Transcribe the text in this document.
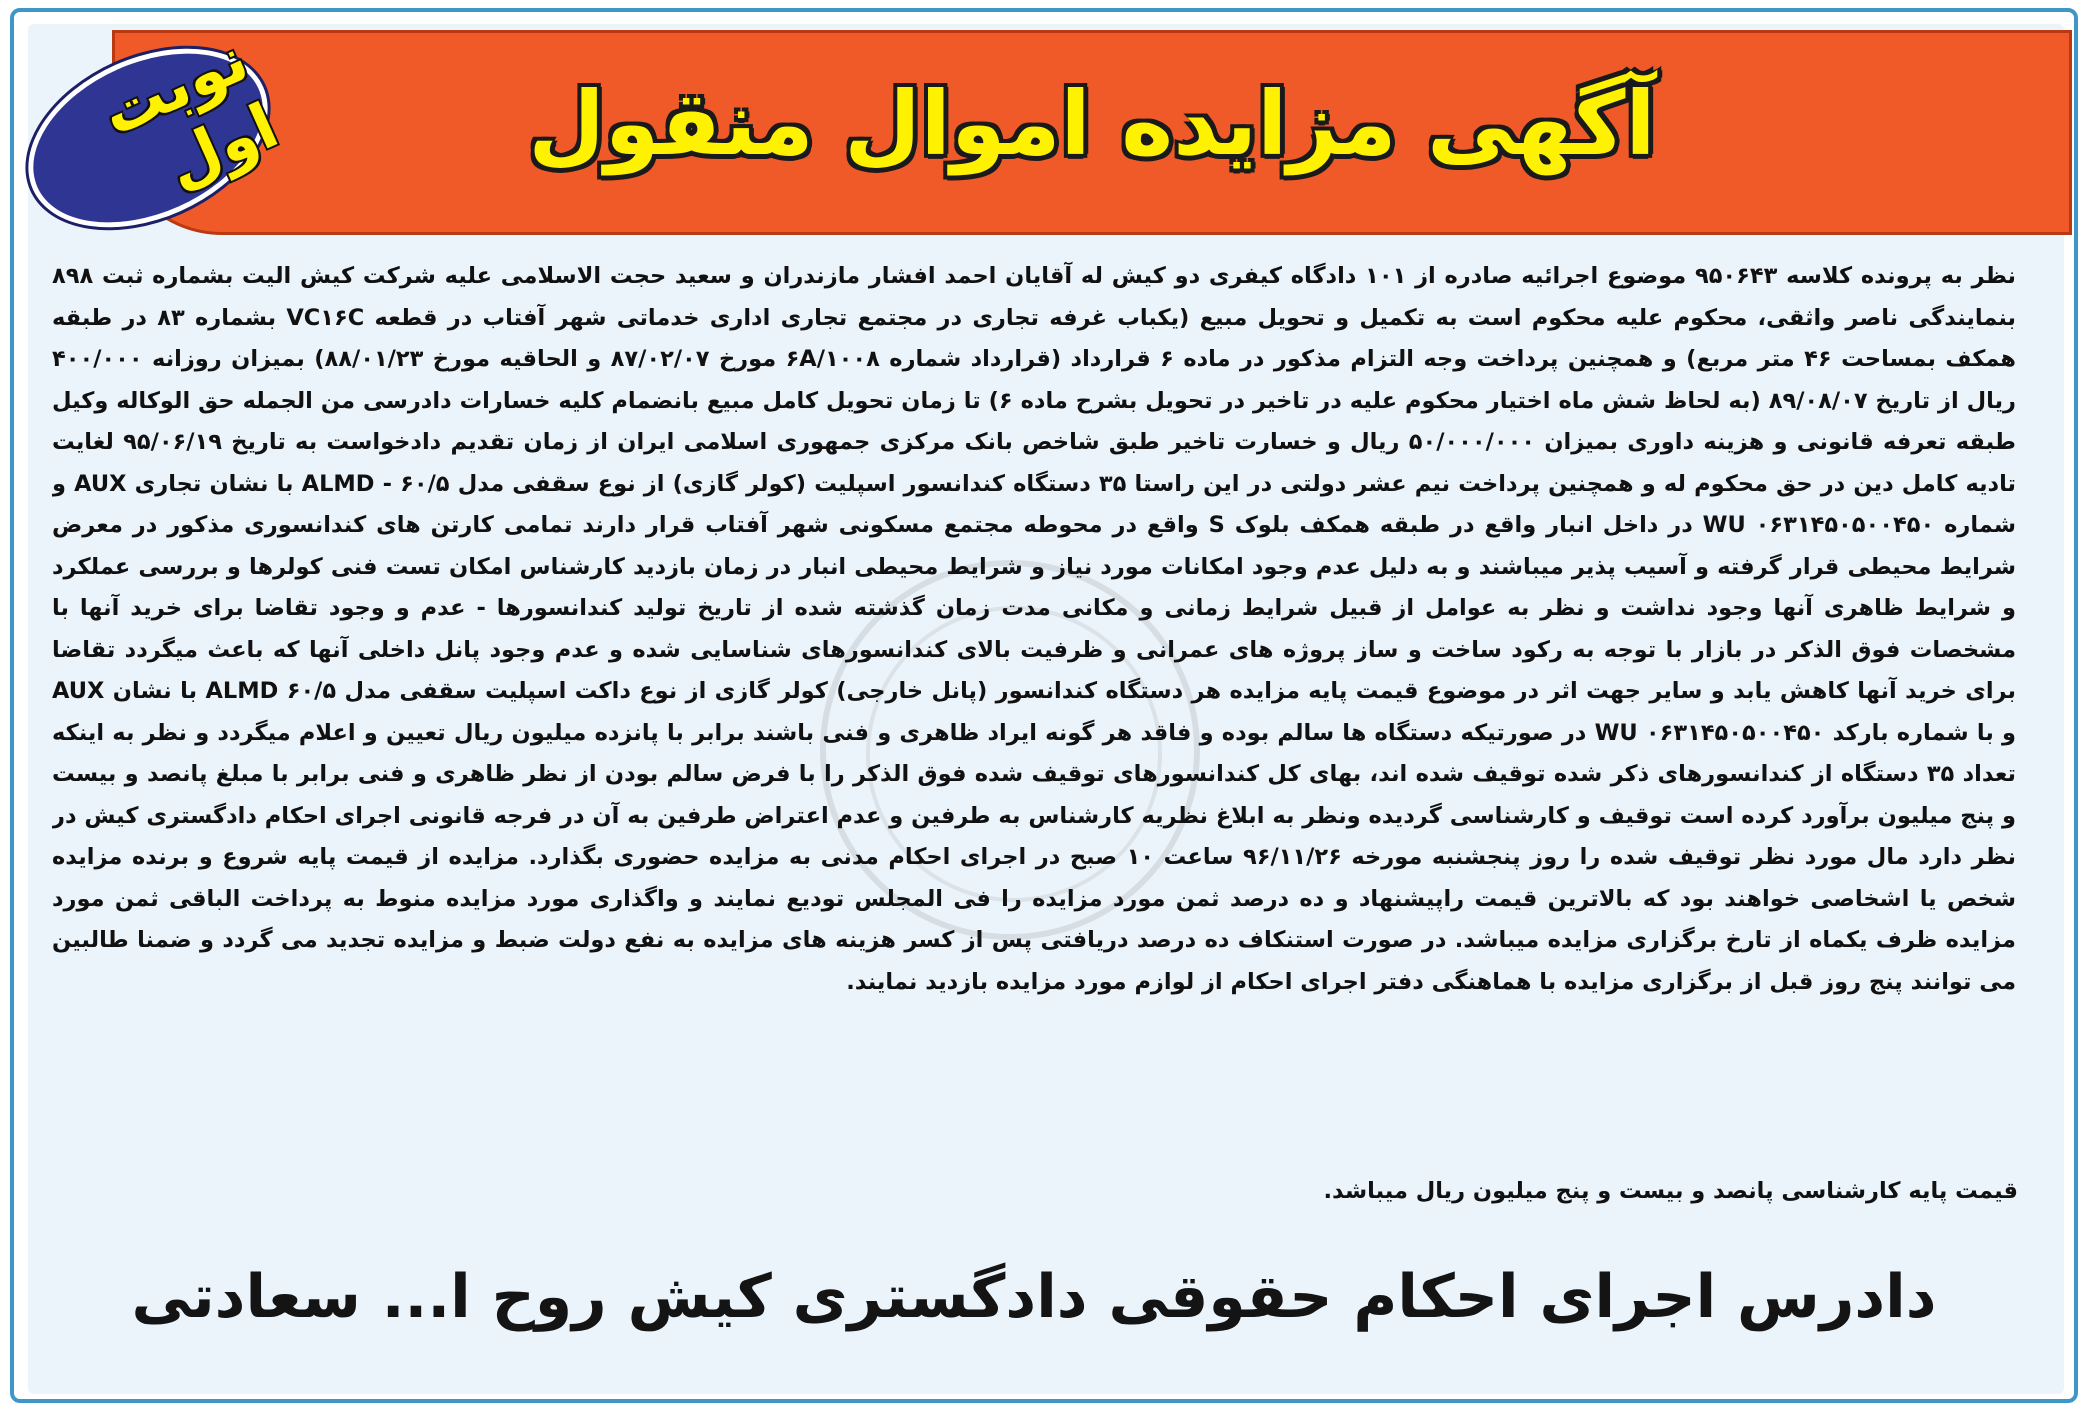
آگهی مزایده اموال منقول
نوبت اول
نظر به پرونده کلاسه ۹۵۰۶۴۳ موضوع اجرائیه صادره از ۱۰۱ دادگاه کیفری دو کیش له آقایان احمد افشار مازندران و سعید حجت الاسلامی علیه شرکت کیش الیت بشماره ثبت ۸۹۸ بنمایندگی ناصر واثقی، محکوم علیه محکوم است به تکمیل و تحویل مبیع (یکباب غرفه تجاری در مجتمع تجاری اداری خدماتی شهر آفتاب در قطعه VC۱۶C بشماره ۸۳ در طبقه همکف بمساحت ۴۶ متر مربع) و همچنین پرداخت وجه التزام مذکور در ماده ۶ قرارداد (قرارداد شماره ۶A/۱۰۰۸ مورخ ۸۷/۰۲/۰۷ و الحاقیه مورخ ۸۸/۰۱/۲۳) بمیزان روزانه ۴۰۰/۰۰۰ ریال از تاریخ ۸۹/۰۸/۰۷ (به لحاظ شش ماه اختیار محکوم علیه در تاخیر در تحویل بشرح ماده ۶) تا زمان تحویل کامل مبیع بانضمام کلیه خسارات دادرسی من الجمله حق الوکاله وکیل طبقه تعرفه قانونی و هزینه داوری بمیزان ۵۰/۰۰۰/۰۰۰ ریال و خسارت تاخیر طبق شاخص بانک مرکزی جمهوری اسلامی ایران از زمان تقدیم دادخواست به تاریخ ۹۵/۰۶/۱۹ لغایت تادیه کامل دین در حق محکوم له و همچنین پرداخت نیم عشر دولتی در این راستا ۳۵ دستگاه کندانسور اسپلیت (کولر گازی) از نوع سقفی مدل ۶۰/۵ - ALMD با نشان تجاری AUX و شماره ۰۶۳۱۴۵۰۵۰۰۴۵۰ WU در داخل انبار واقع در طبقه همکف بلوک S واقع در محوطه مجتمع مسکونی شهر آفتاب قرار دارند تمامی کارتن های کندانسوری مذکور در معرض شرایط محیطی قرار گرفته و آسیب پذیر میباشند و به دلیل عدم وجود امکانات مورد نیاز و شرایط محیطی انبار در زمان بازدید کارشناس امکان تست فنی کولرها و بررسی عملکرد و شرایط ظاهری آنها وجود نداشت و نظر به عوامل از قبیل شرایط زمانی و مکانی مدت زمان گذشته شده از تاریخ تولید کندانسورها - عدم و وجود تقاضا برای خرید آنها با مشخصات فوق الذکر در بازار با توجه به رکود ساخت و ساز پروژه های عمرانی و ظرفیت بالای کندانسورهای شناسایی شده و عدم وجود پانل داخلی آنها که باعث میگردد تقاضا برای خرید آنها کاهش یابد و سایر جهت اثر در موضوع قیمت پایه مزایده هر دستگاه کندانسور (پانل خارجی) کولر گازی از نوع داکت اسپلیت سقفی مدل ۶۰/۵ ALMD با نشان AUX و با شماره بارکد ۰۶۳۱۴۵۰۵۰۰۴۵۰ WU در صورتیکه دستگاه ها سالم بوده و فاقد هر گونه ایراد ظاهری و فنی باشند برابر با پانزده میلیون ریال تعیین و اعلام میگردد و نظر به اینکه تعداد ۳۵ دستگاه از کندانسورهای ذکر شده توقیف شده اند، بهای کل کندانسورهای توقیف شده فوق الذکر را با فرض سالم بودن از نظر ظاهری و فنی برابر با مبلغ پانصد و بیست و پنج میلیون برآورد کرده است توقیف و کارشناسی گردیده ونظر به ابلاغ نظریه کارشناس به طرفین و عدم اعتراض طرفین به آن در فرجه قانونی اجرای احکام دادگستری کیش در نظر دارد مال مورد نظر توقیف شده را روز پنجشنبه مورخه ۹۶/۱۱/۲۶ ساعت ۱۰ صبح در اجرای احکام مدنی به مزایده حضوری بگذارد. مزایده از قیمت پایه شروع و برنده مزایده شخص یا اشخاصی خواهند بود که بالاترین قیمت راپیشنهاد و ده درصد ثمن مورد مزایده را فی المجلس تودیع نمایند و واگذاری مورد مزایده منوط به پرداخت الباقی ثمن مورد مزایده ظرف یکماه از تارخ برگزاری مزایده میباشد. در صورت استنکاف ده درصد دریافتی پس از کسر هزینه های مزایده به نفع دولت ضبط و مزایده تجدید می گردد و ضمنا طالبین می توانند پنج روز قبل از برگزاری مزایده با هماهنگی دفتر اجرای احکام از لوازم مورد مزایده بازدید نمایند.
قیمت پایه کارشناسی پانصد و بیست و پنج میلیون ریال میباشد.
دادرس اجرای احکام حقوقی دادگستری کیش روح ا... سعادتی
